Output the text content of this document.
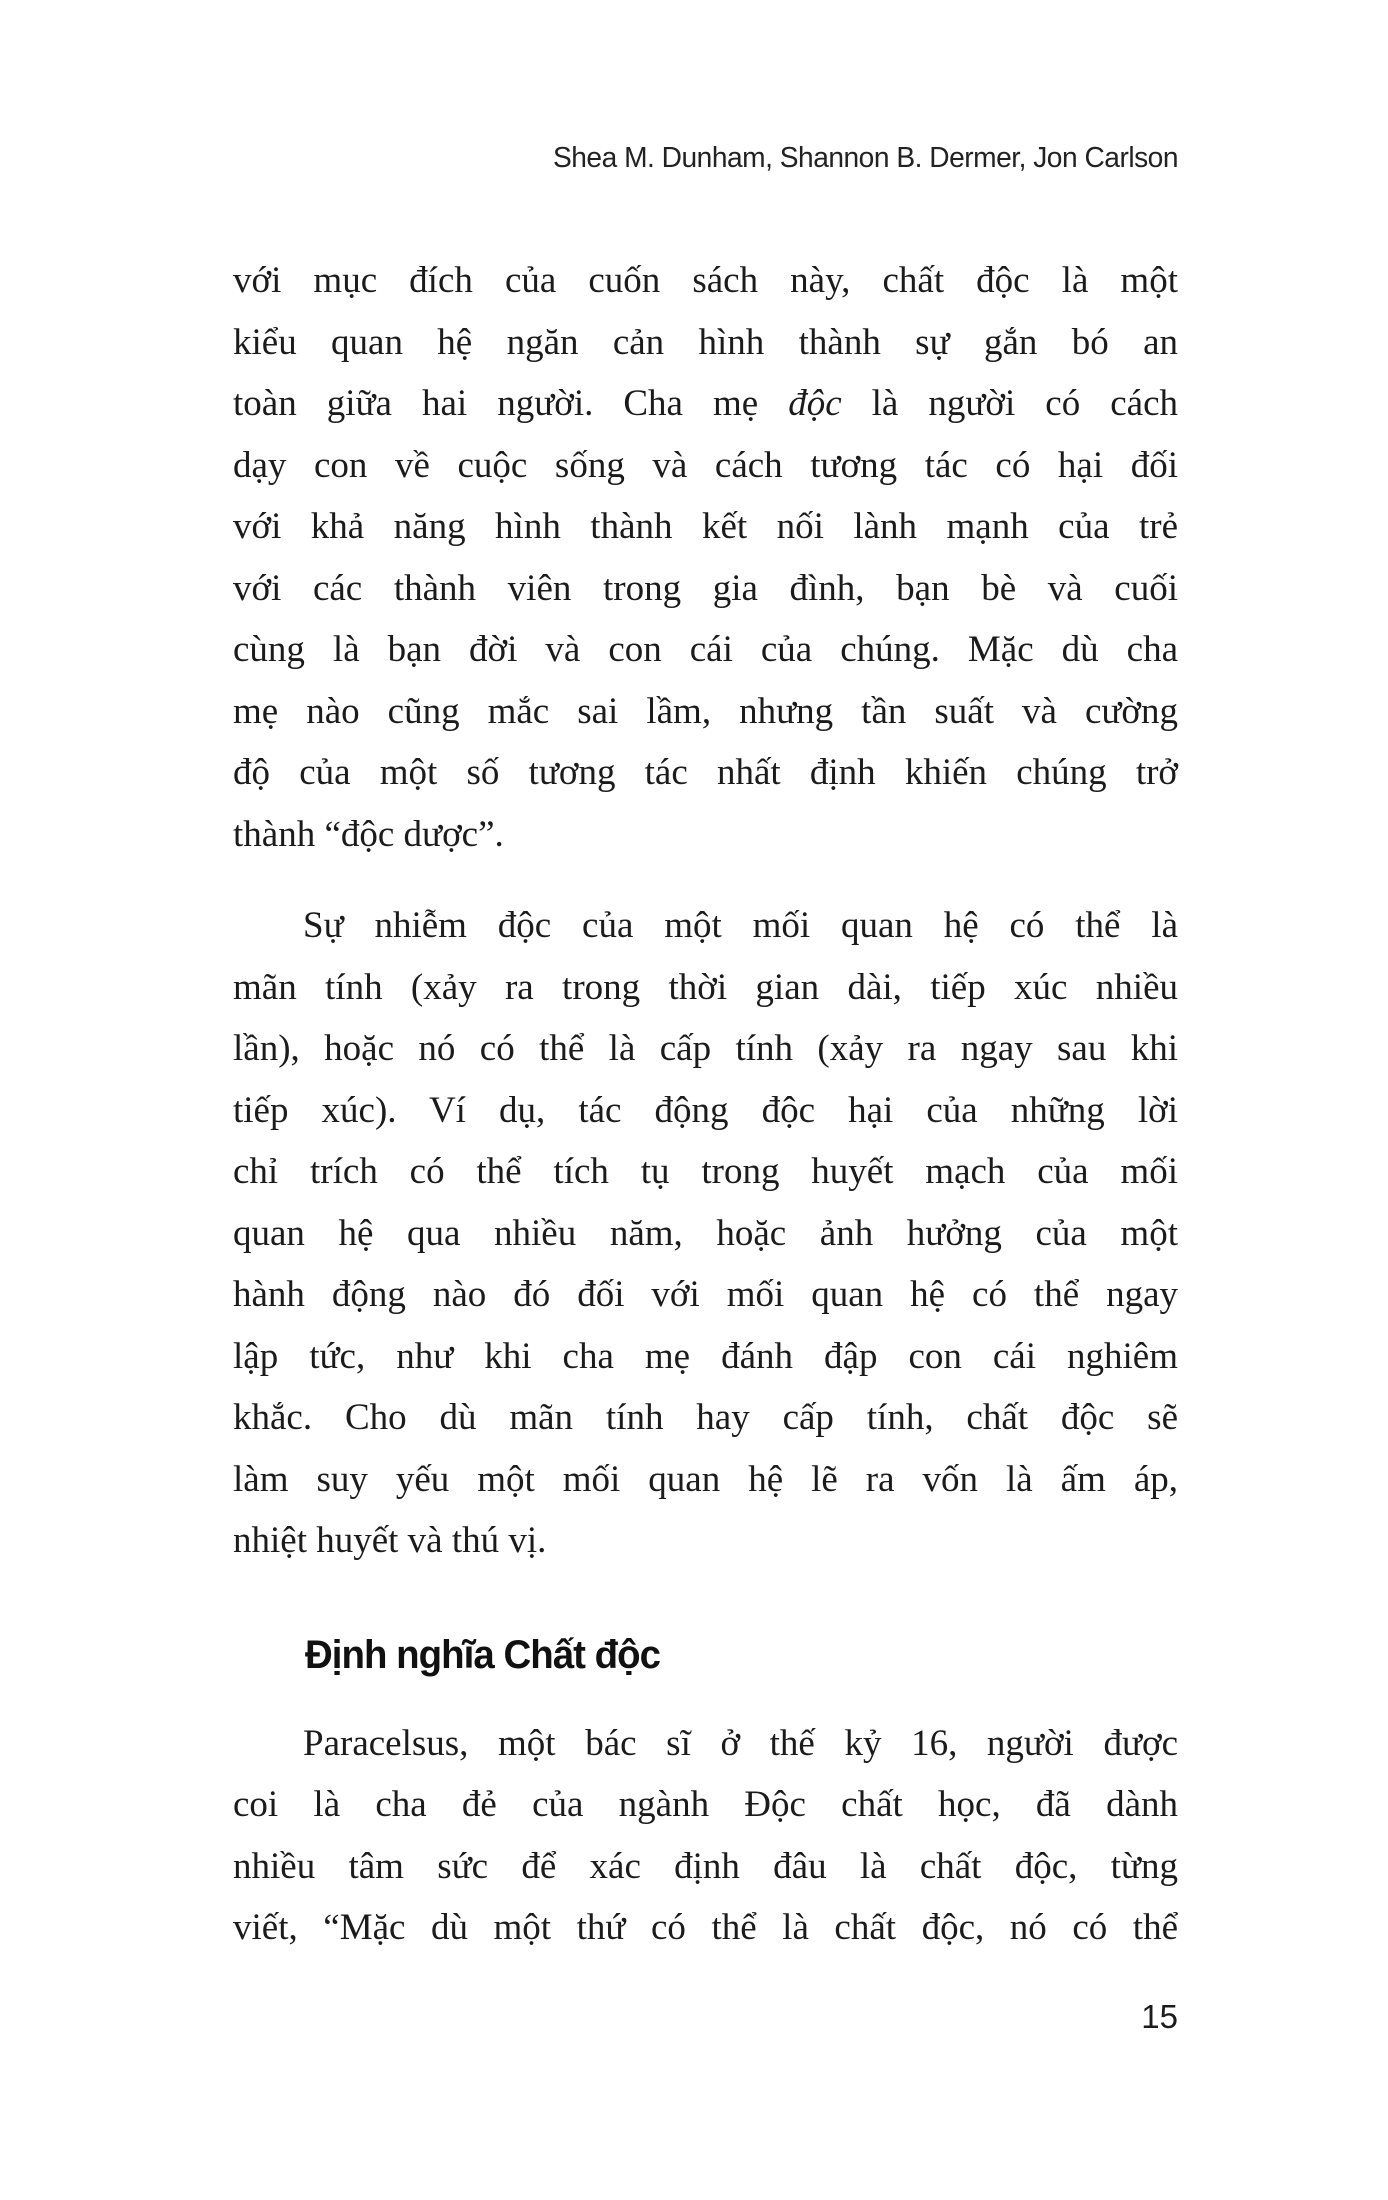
Shea M. Dunham, Shannon B. Dermer, Jon Carlson
với mục đích của cuốn sách này, chất độc là một
kiểu quan hệ ngăn cản hình thành sự gắn bó an
toàn giữa hai người. Cha mẹ độc là người có cách
dạy con về cuộc sống và cách tương tác có hại đối
với khả năng hình thành kết nối lành mạnh của trẻ
với các thành viên trong gia đình, bạn bè và cuối
cùng là bạn đời và con cái của chúng. Mặc dù cha
mẹ nào cũng mắc sai lầm, nhưng tần suất và cường
độ của một số tương tác nhất định khiến chúng trở
thành “độc dược”.
Sự nhiễm độc của một mối quan hệ có thể là
mãn tính (xảy ra trong thời gian dài, tiếp xúc nhiều
lần), hoặc nó có thể là cấp tính (xảy ra ngay sau khi
tiếp xúc). Ví dụ, tác động độc hại của những lời
chỉ trích có thể tích tụ trong huyết mạch của mối
quan hệ qua nhiều năm, hoặc ảnh hưởng của một
hành động nào đó đối với mối quan hệ có thể ngay
lập tức, như khi cha mẹ đánh đập con cái nghiêm
khắc. Cho dù mãn tính hay cấp tính, chất độc sẽ
làm suy yếu một mối quan hệ lẽ ra vốn là ấm áp,
nhiệt huyết và thú vị.
Định nghĩa Chất độc
Paracelsus, một bác sĩ ở thế kỷ 16, người được
coi là cha đẻ của ngành Độc chất học, đã dành
nhiều tâm sức để xác định đâu là chất độc, từng
viết, “Mặc dù một thứ có thể là chất độc, nó có thể
15
